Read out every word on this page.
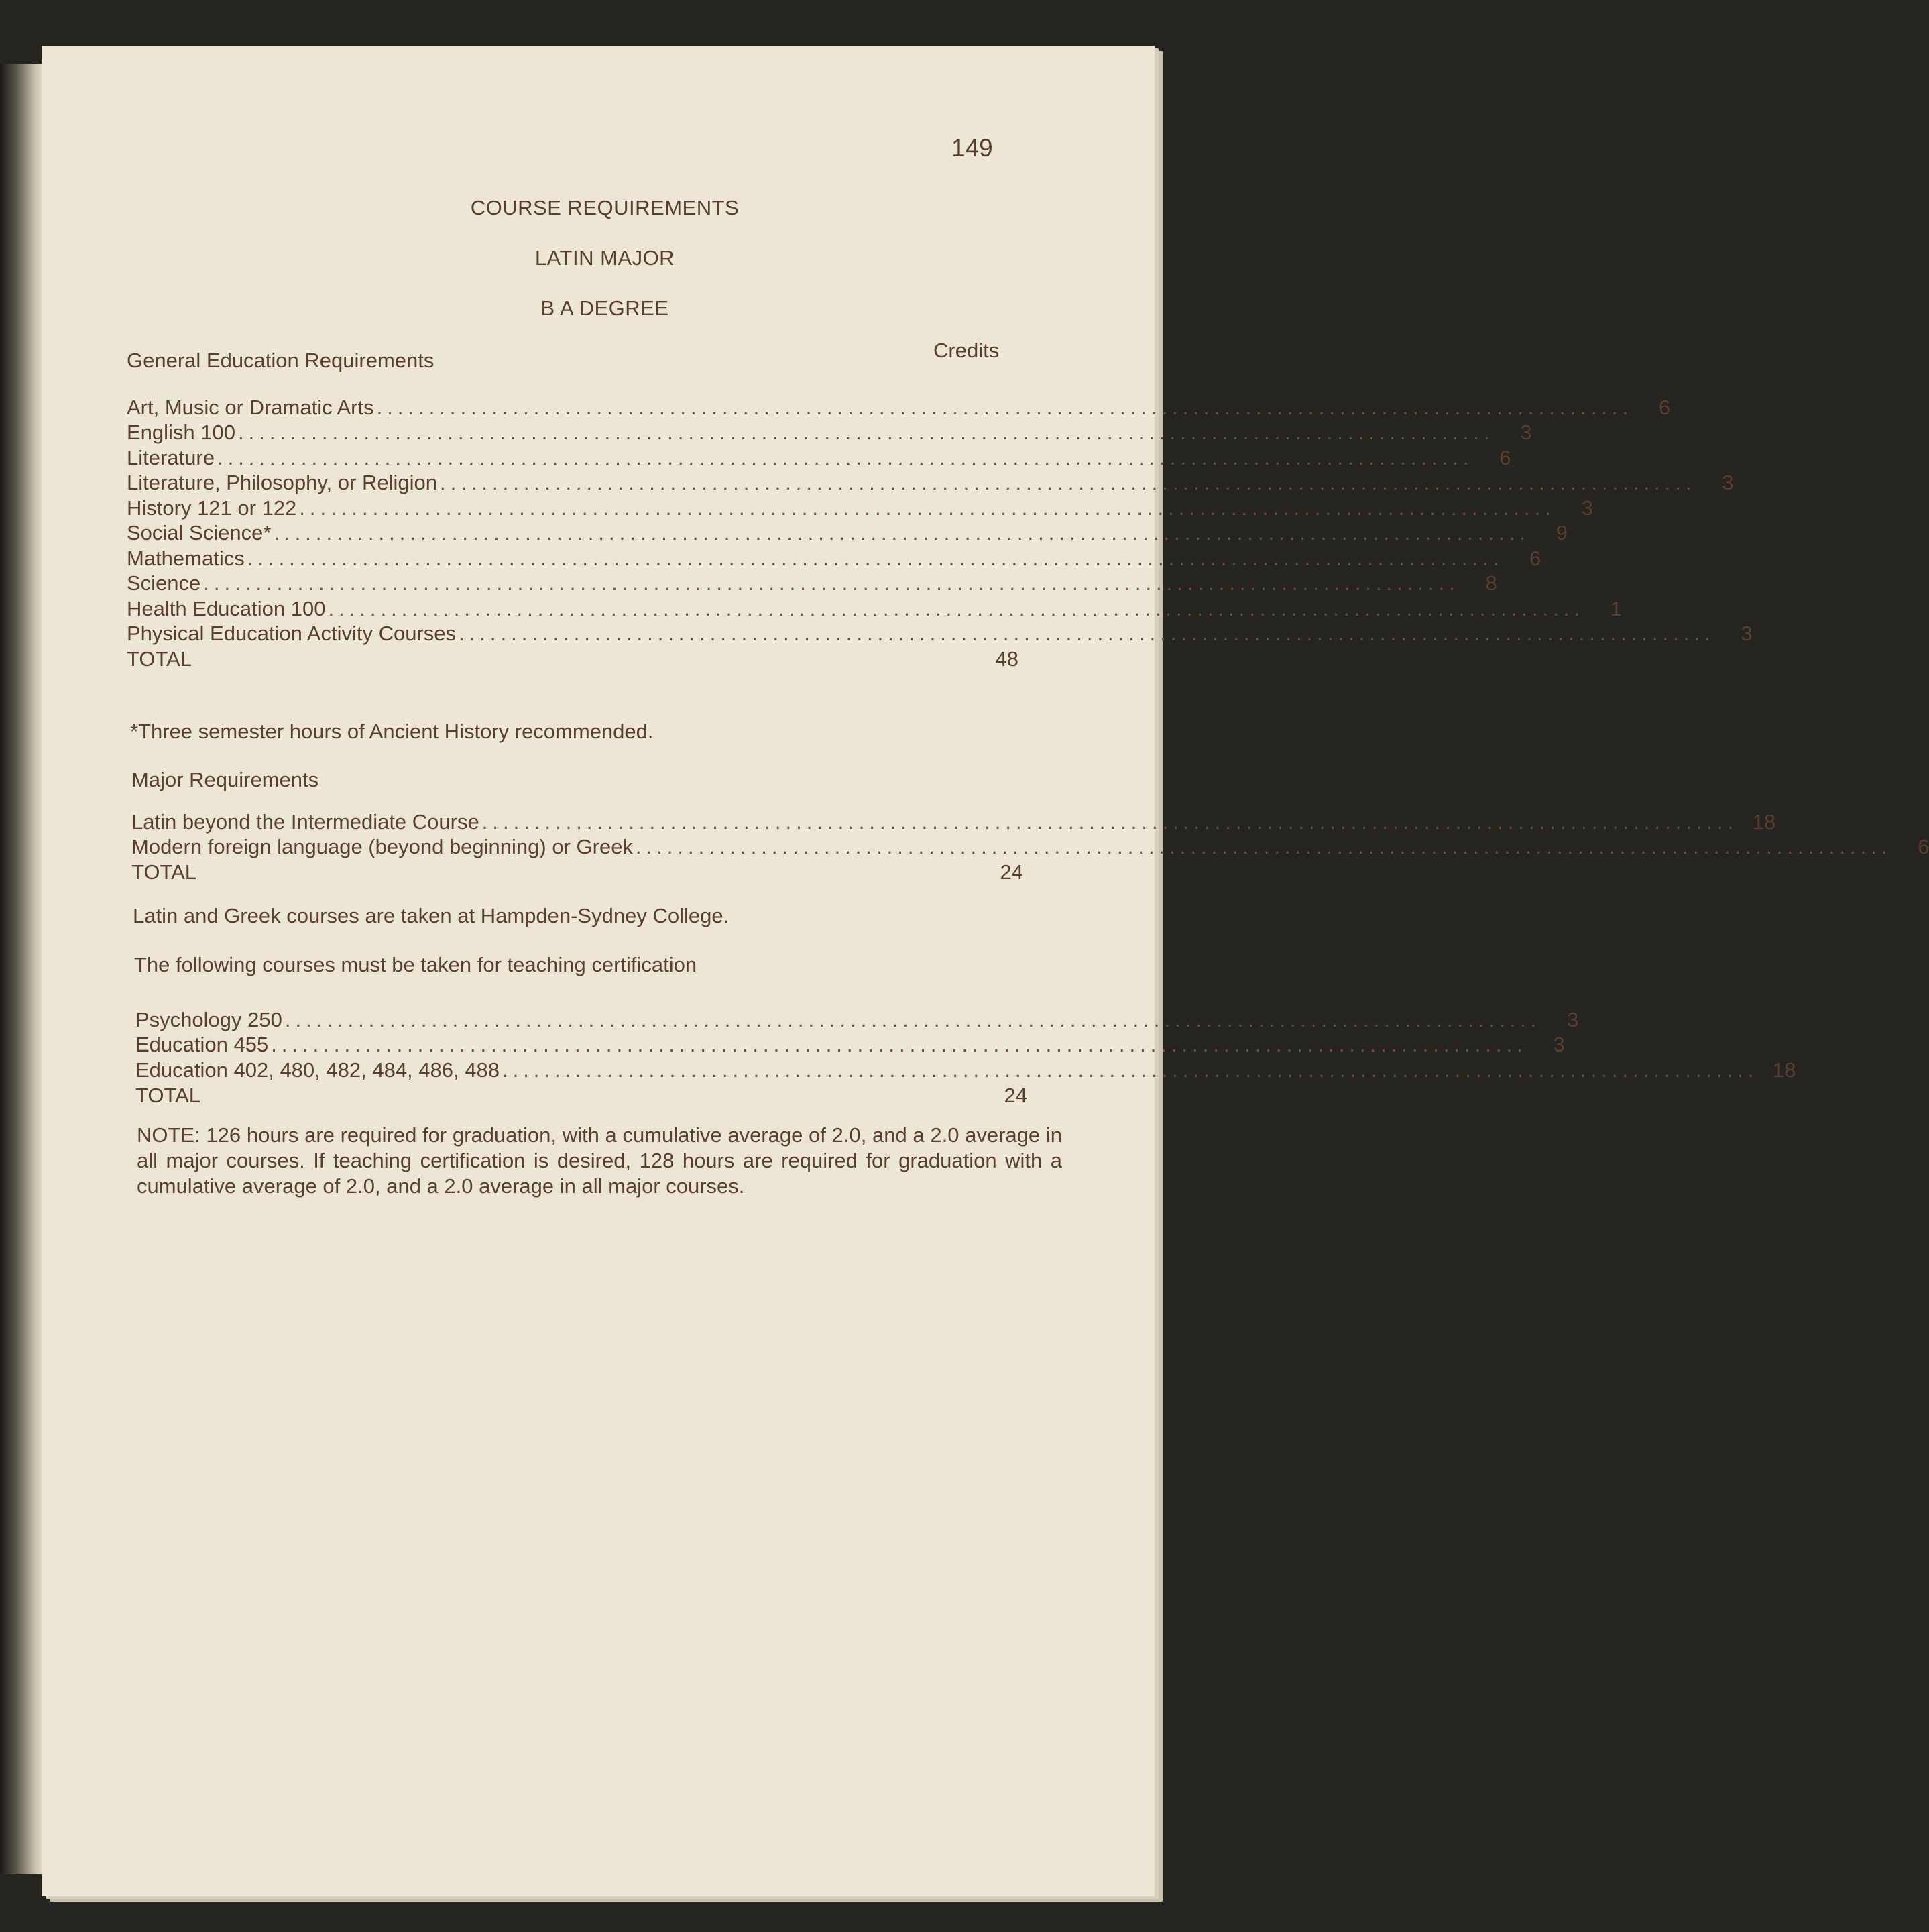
149
COURSE REQUIREMENTS
LATIN MAJOR
B A DEGREE
General Education Requirements	Credits
Art, Music or Dramatic Arts ........................................................................................................................	6
English 100 ........................................................................................................................	3
Literature ........................................................................................................................	6
Literature, Philosophy, or Religion ........................................................................................................................	3
History 121 or 122 ........................................................................................................................	3
Social Science* ........................................................................................................................	9
Mathematics ........................................................................................................................	6
Science ........................................................................................................................	8
Health Education 100 ........................................................................................................................	1
Physical Education Activity Courses ........................................................................................................................	3
TOTAL	48
*Three semester hours of Ancient History recommended.
Major Requirements
Latin beyond the Intermediate Course ........................................................................................................................ 18
Modern foreign language (beyond beginning) or Greek ........................................................................................................................	6
TOTAL	24
Latin and Greek courses are taken at Hampden-Sydney College.
The following courses must be taken for teaching certification
Psychology 250 ........................................................................................................................	3
Education 455 ........................................................................................................................	3
Education 402, 480, 482, 484, 486, 488 ........................................................................................................................ 18
TOTAL	24
NOTE: 126 hours are required for graduation, with a cumulative average of 2.0, and a 2.0 average in all major courses. If teaching certification is desired, 128 hours are required for graduation with a cumulative average of 2.0, and a 2.0 average in all major courses.
